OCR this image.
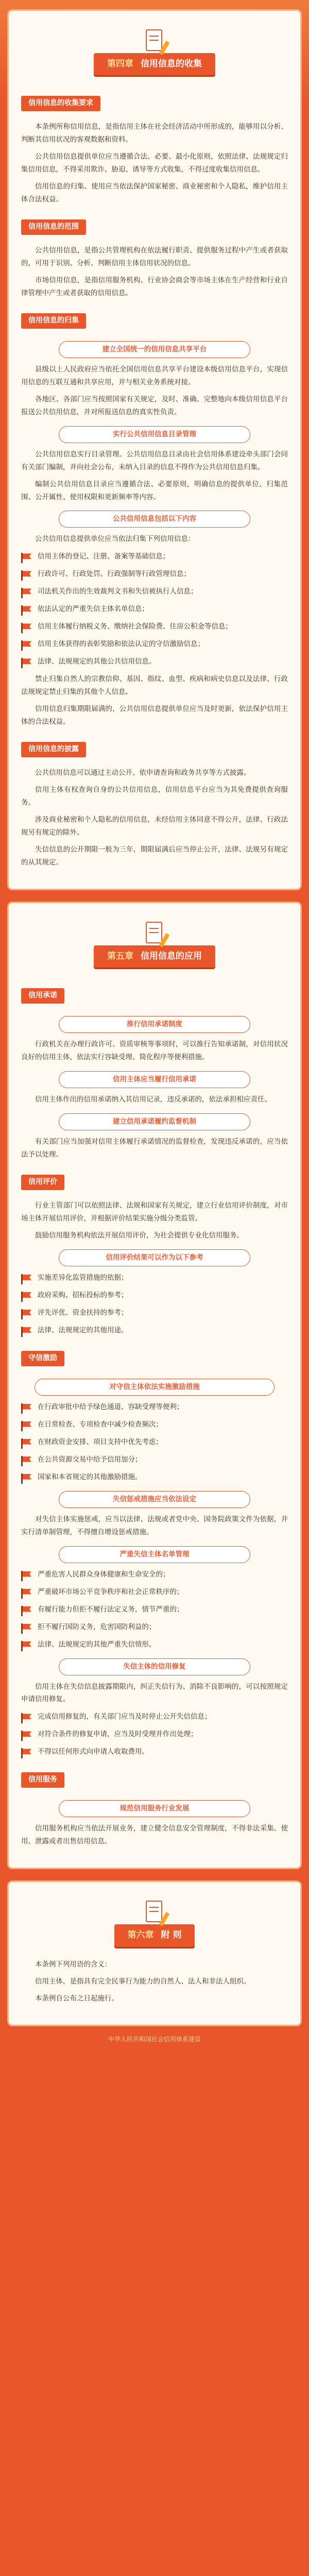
第四章 信用信息的收集
信用信息的收集要求

本条例所称信用信息，是指信用主体在社会经济活动中所形成的，能够用以分析、判断其信用状况的客观数据和资料。

公共信用信息提供单位应当遵循合法、必要、最小化原则，依照法律、法规规定归集信用信息，不得采用欺诈、胁迫、诱导等方式收集，不得过度收集信用信息。

信用信息的归集、使用应当依法保护国家秘密、商业秘密和个人隐私，维护信用主体合法权益。

信用信息的范围

公共信用信息，是指公共管理机构在依法履行职责、提供服务过程中产生或者获取的，可用于识别、分析、判断信用主体信用状况的信息。

市场信用信息，是指信用服务机构、行业协会商会等市场主体在生产经营和行业自律管理中产生或者获取的信用信息。

信用信息的归集
建立全国统一的信用信息共享平台

县级以上人民政府应当依托全国信用信息共享平台建设本级信用信息平台，实现信用信息的互联互通和共享应用，并与相关业务系统对接。

各地区、各部门应当按照国家有关规定，及时、准确、完整地向本级信用信息平台报送公共信用信息，并对所报送信息的真实性负责。

实行公共信用信息目录管理

公共信用信息实行目录管理。公共信用信息目录由社会信用体系建设牵头部门会同有关部门编制，并向社会公布，未纳入目录的信息不得作为公共信用信息归集。

编制公共信用信息目录应当遵循合法、必要原则，明确信息的提供单位、归集范围、公开属性、使用权限和更新频率等内容。

公共信用信息包括以下内容

公共信用信息提供单位应当依法归集下列信用信息：

信用主体的登记、注册、备案等基础信息；
行政许可、行政处罚、行政强制等行政管理信息；
司法机关作出的生效裁判文书和失信被执行人信息；
依法认定的严重失信主体名单信息；
信用主体履行纳税义务、缴纳社会保险费、住房公积金等信息；
信用主体获得的表彰奖励和依法认定的守信激励信息；
法律、法规规定的其他公共信用信息。

禁止归集自然人的宗教信仰、基因、指纹、血型、疾病和病史信息以及法律、行政法规规定禁止归集的其他个人信息。

信用信息归集期限届满的，公共信用信息提供单位应当及时更新，依法保护信用主体的合法权益。

信用信息的披露

公共信用信息可以通过主动公开、依申请查询和政务共享等方式披露。

信用主体有权查询自身的公共信用信息，信用信息平台应当为其免费提供查询服务。

涉及商业秘密和个人隐私的信用信息，未经信用主体同意不得公开，法律、行政法规另有规定的除外。

失信信息的公开期限一般为三年，期限届满后应当停止公开，法律、法规另有规定的从其规定。

第五章 信用信息的应用
信用承诺
推行信用承诺制度

行政机关在办理行政许可、资质审核等事项时，可以推行告知承诺制，对信用状况良好的信用主体，依法实行容缺受理、简化程序等便利措施。

信用主体应当履行信用承诺

信用主体作出的信用承诺纳入其信用记录，违反承诺的，依法承担相应责任。

建立信用承诺履约监督机制

有关部门应当加强对信用主体履行承诺情况的监督检查，发现违反承诺的，应当依法予以处理。

信用评价

行业主管部门可以依照法律、法规和国家有关规定，建立行业信用评价制度，对市场主体开展信用评价，并根据评价结果实施分级分类监管。

鼓励信用服务机构依法开展信用评价，为社会提供专业化信用服务。

信用评价结果可以作为以下参考
实施差异化监管措施的依据；
政府采购、招标投标的参考；
评先评优、资金扶持的参考；
法律、法规规定的其他用途。
守信激励
对守信主体依法实施激励措施
在行政审批中给予绿色通道、容缺受理等便利；
在日常检查、专项检查中减少检查频次；
在财政资金安排、项目支持中优先考虑；
在公共资源交易中给予信用加分；
国家和本省规定的其他激励措施。
失信惩戒措施应当依法设定

对失信主体实施惩戒，应当以法律、法规或者党中央、国务院政策文件为依据，并实行清单制管理，不得擅自增设惩戒措施。

严重失信主体名单管理
严重危害人民群众身体健康和生命安全的；
严重破坏市场公平竞争秩序和社会正常秩序的；
有履行能力但拒不履行法定义务，情节严重的；
拒不履行国防义务，危害国防利益的；
法律、法规规定的其他严重失信情形。
失信主体的信用修复

信用主体在失信信息披露期限内，纠正失信行为、消除不良影响的，可以按照规定申请信用修复。

完成信用修复的，有关部门应当及时停止公开失信信息；
对符合条件的修复申请，应当及时受理并作出处理；
不得以任何形式向申请人收取费用。
信用服务
规范信用服务行业发展

信用服务机构应当依法开展业务，建立健全信息安全管理制度，不得非法采集、使用、泄露或者出售信用信息。

第六章 附 则

本条例下列用语的含义：

信用主体，是指具有完全民事行为能力的自然人、法人和非法人组织。

本条例自公布之日起施行。

中华人民共和国社会信用体系建设
